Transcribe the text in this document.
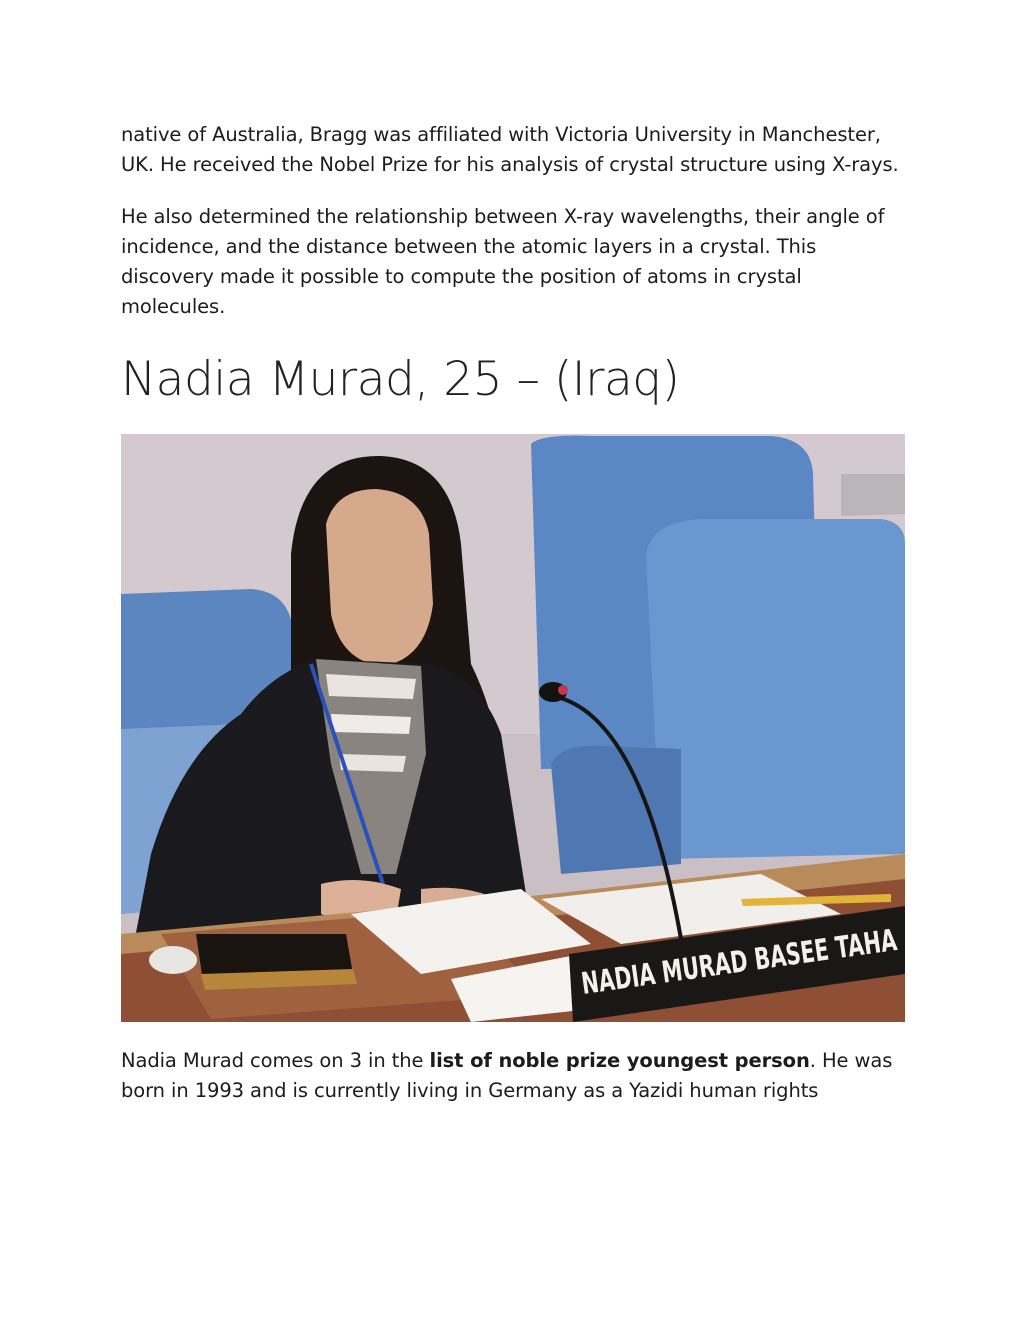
native of Australia, Bragg was affiliated with Victoria University in Manchester, UK. He received the Nobel Prize for his analysis of crystal structure using X-rays.

He also determined the relationship between X-ray wavelengths, their angle of incidence, and the distance between the atomic layers in a crystal. This discovery made it possible to compute the position of atoms in crystal molecules.

Nadia Murad, 25 – (Iraq)
NADIA MURAD BASEE TAHA

Nadia Murad comes on 3 in the list of noble prize youngest person. He was born in 1993 and is currently living in Germany as a Yazidi human rights
